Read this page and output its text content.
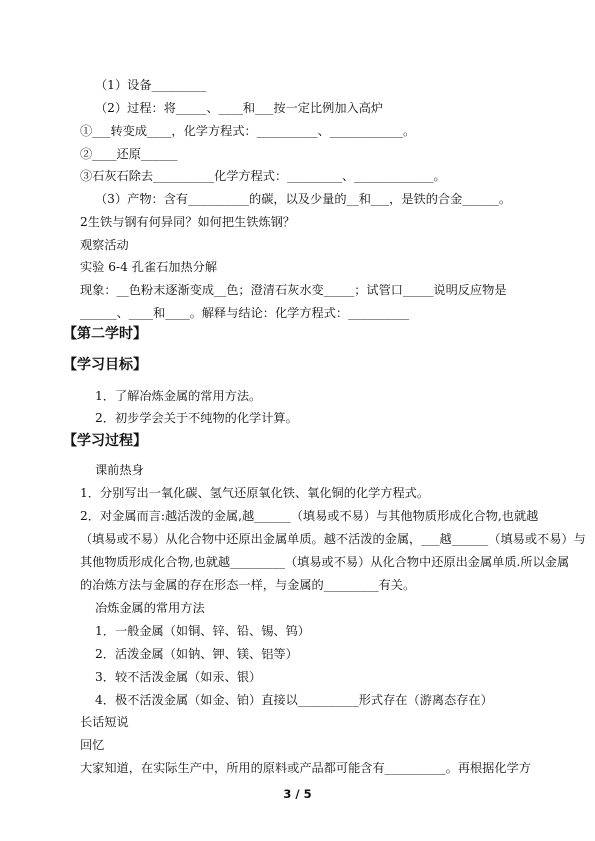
（1）设备_________
（2）过程：将_____、____和___按一定比例加入高炉
①___转变成____，化学方程式：__________、____________。
②____还原______
③石灰石除去__________化学方程式：_________、_____________。
（3）产物：含有__________的碳，以及少量的__和___，是铁的合金______。
2生铁与钢有何异同？如何把生铁炼钢？
观察活动
实验 6-4 孔雀石加热分解
现象：__色粉末逐渐变成__色；澄清石灰水变_____；试管口_____说明反应物是
______、____和____。解释与结论：化学方程式：__________
【第二学时】
【学习目标】
1．了解冶炼金属的常用方法。
2．初步学会关于不纯物的化学计算。
【学习过程】
课前热身
1．分别写出一氧化碳、氢气还原氧化铁、氧化铜的化学方程式。
2．对金属而言:越活泼的金属,越______（填易或不易）与其他物质形成化合物,也就越
（填易或不易）从化合物中还原出金属单质。越不活泼的金属，___越______（填易或不易）与
其他物质形成化合物,也就越_________（填易或不易）从化合物中还原出金属单质.所以金属
的冶炼方法与金属的存在形态一样，与金属的_________有关。
冶炼金属的常用方法
1．一般金属（如铜、锌、铅、锡、钨）
2．活泼金属（如钠、钾、镁、铝等）
3．较不活泼金属（如汞、银）
4．极不活泼金属（如金、铂）直接以__________形式存在（游离态存在）
长话短说
回忆
大家知道，在实际生产中，所用的原料或产品都可能含有__________。再根据化学方
3 / 5
